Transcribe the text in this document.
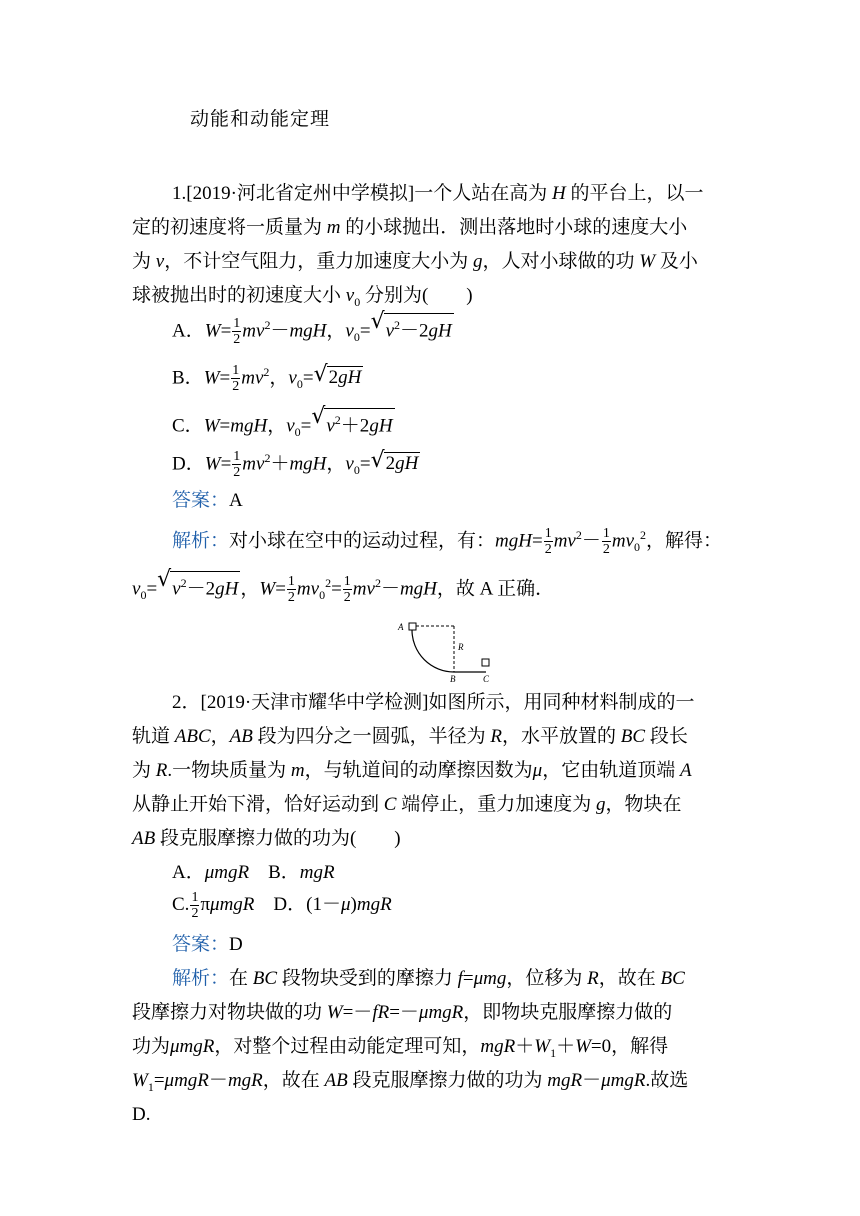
动能和动能定理
1.[2019·河北省定州中学模拟]一个人站在高为 H 的平台上，以一
定的初速度将一质量为 m 的小球抛出．测出落地时小球的速度大小
为 v，不计空气阻力，重力加速度大小为 g，人对小球做的功 W 及小
球被抛出时的初速度大小 $v_0$ 分别为(　　)
A．$W= \frac{1}{2} mv^2-mgH$，$v_0=$ √ $v^2-2gH$
B．$W= \frac{1}{2} mv^2$，$v_0=$ √ 2gH
C．W=mgH，$v_0=$ √ $v^2+2gH$
D．$W= \frac{1}{2} mv^2+mgH$，$v_0=$ √ 2gH
答案：A
解析：对小球在空中的运动过程，有：$mgH= \frac{1}{2} mv^2- \frac{1}{2} mv_0^2$，解得：
$v_0=$ √ $v^2-2gH$ ，$W= \frac{1}{2} mv_0^2= \frac{1}{2} mv^2-mgH$，故 A 正确．
A
R
B	C
2．[2019·天津市耀华中学检测]如图所示，用同种材料制成的一
轨道 ABC，AB 段为四分之一圆弧，半径为 R，水平放置的 BC 段长
为 R.一物块质量为 m，与轨道间的动摩擦因数为μ，它由轨道顶端 A
从静止开始下滑，恰好运动到 C 端停止，重力加速度为 g，物块在
AB 段克服摩擦力做的功为(　　)
A．μmgR　B．mgR
C. $\frac{1}{2}$ πμmgR　D．(1－μ)mgR
答案：D
解析：在 BC 段物块受到的摩擦力 f=μmg，位移为 R，故在 BC
段摩擦力对物块做的功 W=－fR=－μmgR，即物块克服摩擦力做的
功为μmgR，对整个过程由动能定理可知，$mgR+W_1+W=0$，解得
$W_1=\mu mgR-mgR$，故在 AB 段克服摩擦力做的功为 mgR－μmgR.故选
D.
